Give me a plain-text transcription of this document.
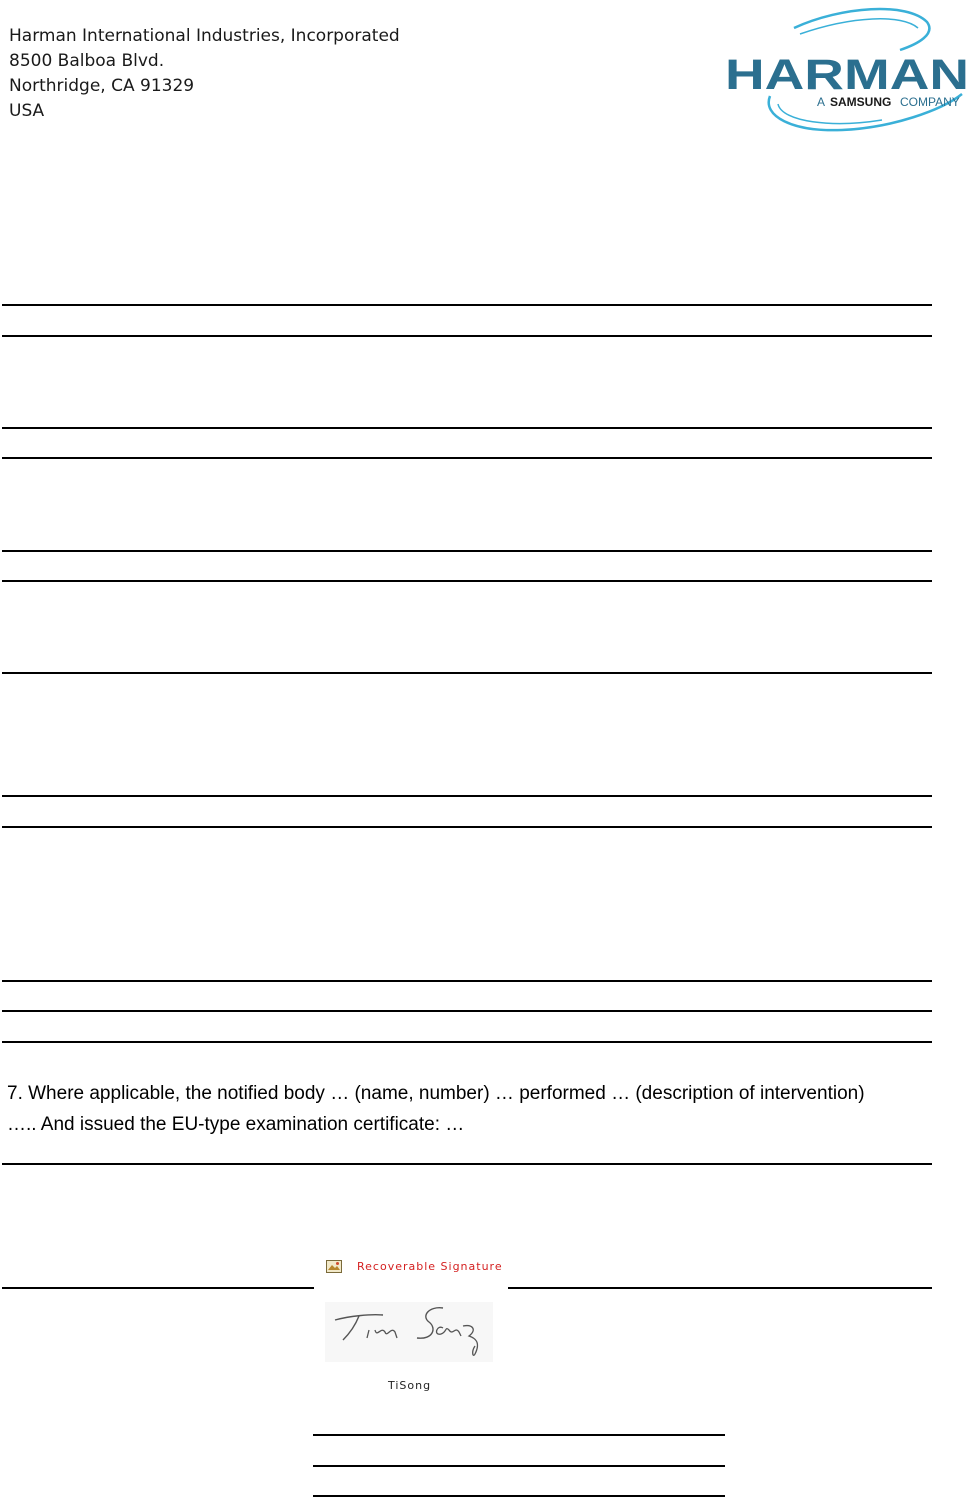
Harman International Industries, Incorporated
8500 Balboa Blvd.
Northridge, CA 91329
USA
HARMAN
A SAMSUNG COMPANY
7. Where applicable, the notified body … (name, number) … performed … (description of intervention)
….. And issued the EU-type examination certificate: …
Recoverable Signature
TiSong
